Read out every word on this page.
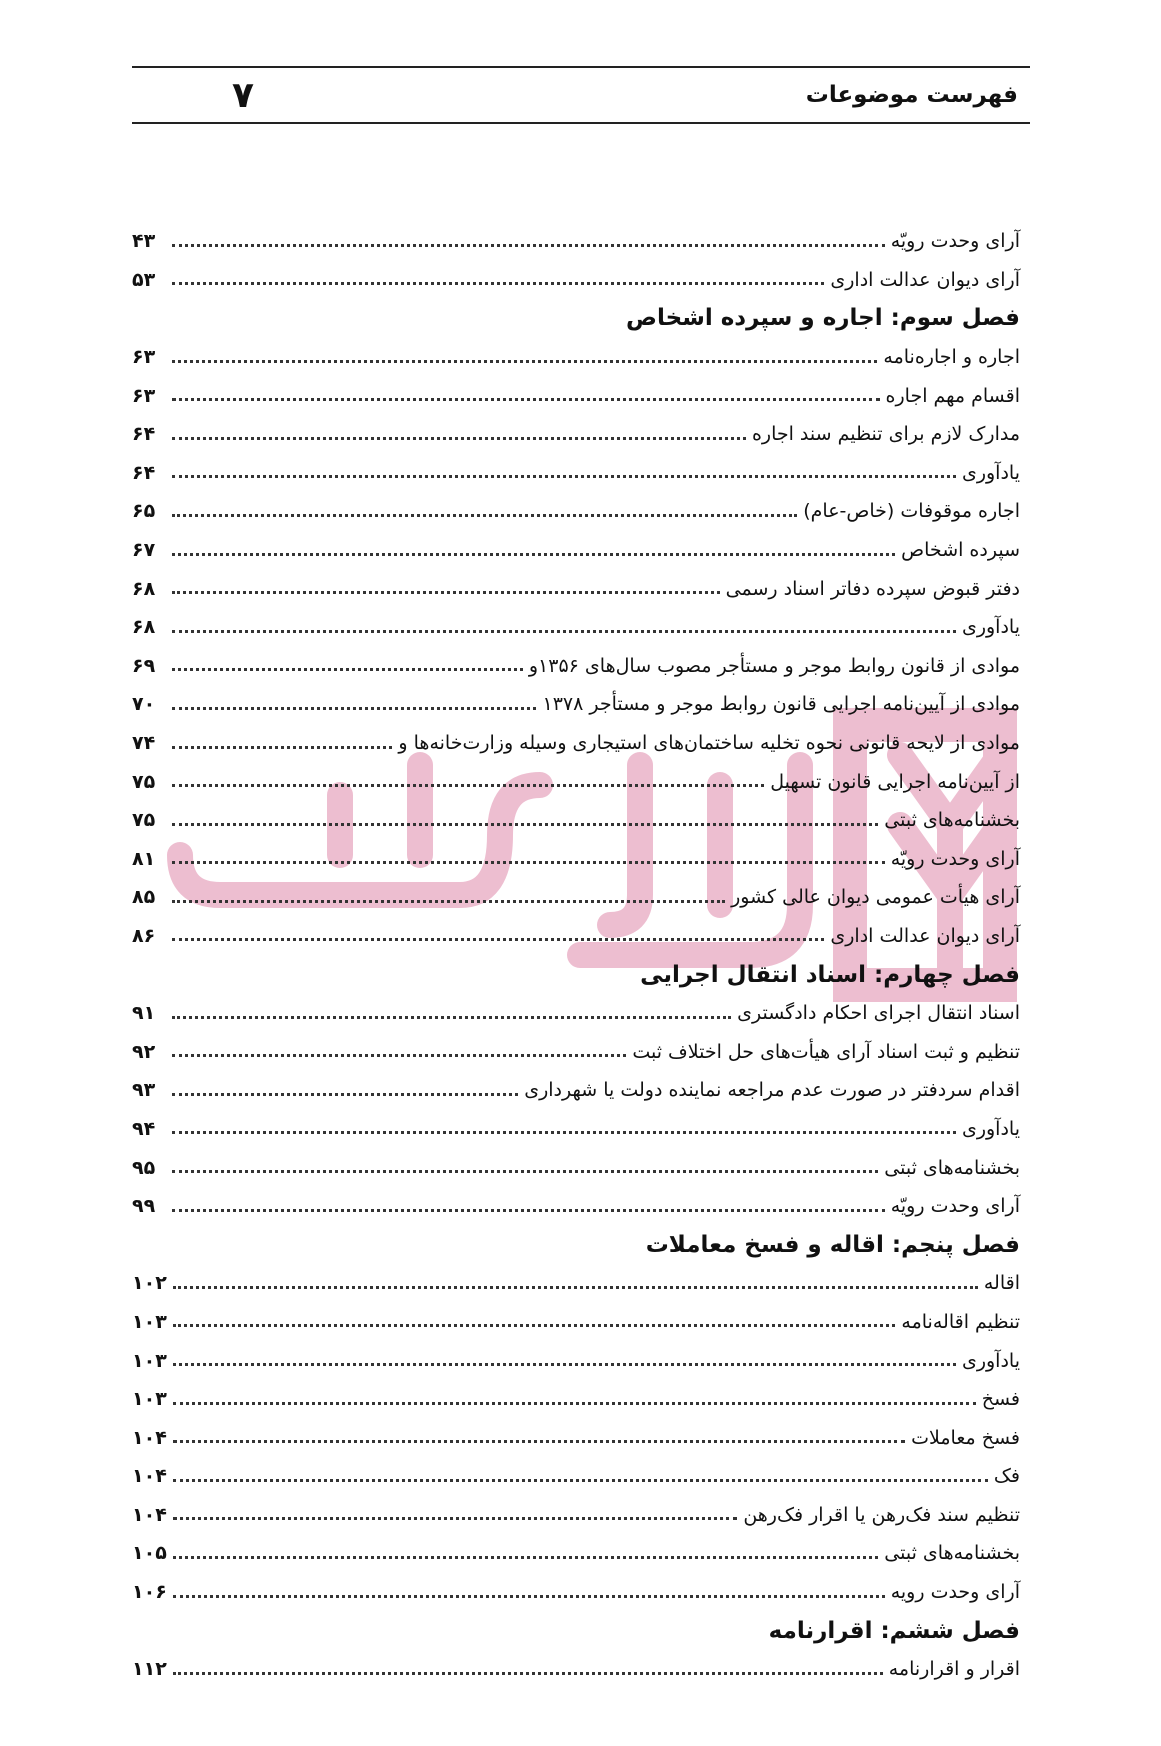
فهرست موضوعات
۷
آرای وحدت رویّه
۴۳
آرای دیوان عدالت اداری
۵۳
فصل سوم: اجاره و سپرده اشخاص
اجاره و اجاره‌نامه
۶۳
اقسام مهم اجاره
۶۳
مدارک لازم برای تنظیم سند اجاره
۶۴
یادآوری
۶۴
اجاره موقوفات (خاص-عام)
۶۵
سپرده اشخاص
۶۷
دفتر قبوض سپرده دفاتر اسناد رسمی
۶۸
یادآوری
۶۸
موادی از قانون روابط موجر و مستأجر مصوب سال‌های ۱۳۵۶و
۶۹
موادی از آیین‌نامه اجرایی قانون روابط موجر و مستأجر ۱۳۷۸
۷۰
موادی از لایحه قانونی نحوه تخلیه ساختمان‌های استیجاری وسیله وزارت‌خانه‌ها و
۷۴
از آیین‌نامه اجرایی قانون تسهیل
۷۵
بخشنامه‌های ثبتی
۷۵
آرای وحدت رویّه
۸۱
آرای هیأت عمومی دیوان عالی کشور
۸۵
آرای دیوان عدالت اداری
۸۶
فصل چهارم: اسناد انتقال اجرایی
اسناد انتقال اجرای احکام دادگستری
۹۱
تنظیم و ثبت اسناد آرای هیأت‌های حل اختلاف ثبت
۹۲
اقدام سردفتر در صورت عدم مراجعه نماینده دولت یا شهرداری
۹۳
یادآوری
۹۴
بخشنامه‌های ثبتی
۹۵
آرای وحدت رویّه
۹۹
فصل پنجم: اقاله و فسخ معاملات
اقاله
۱۰۲
تنظیم اقاله‌نامه
۱۰۳
یادآوری
۱۰۳
فسخ
۱۰۳
فسخ معاملات
۱۰۴
فک
۱۰۴
تنظیم سند فک‌رهن یا اقرار فک‌رهن
۱۰۴
بخشنامه‌های ثبتی
۱۰۵
آرای وحدت رویه
۱۰۶
فصل ششم: اقرارنامه
اقرار و اقرارنامه
۱۱۲
